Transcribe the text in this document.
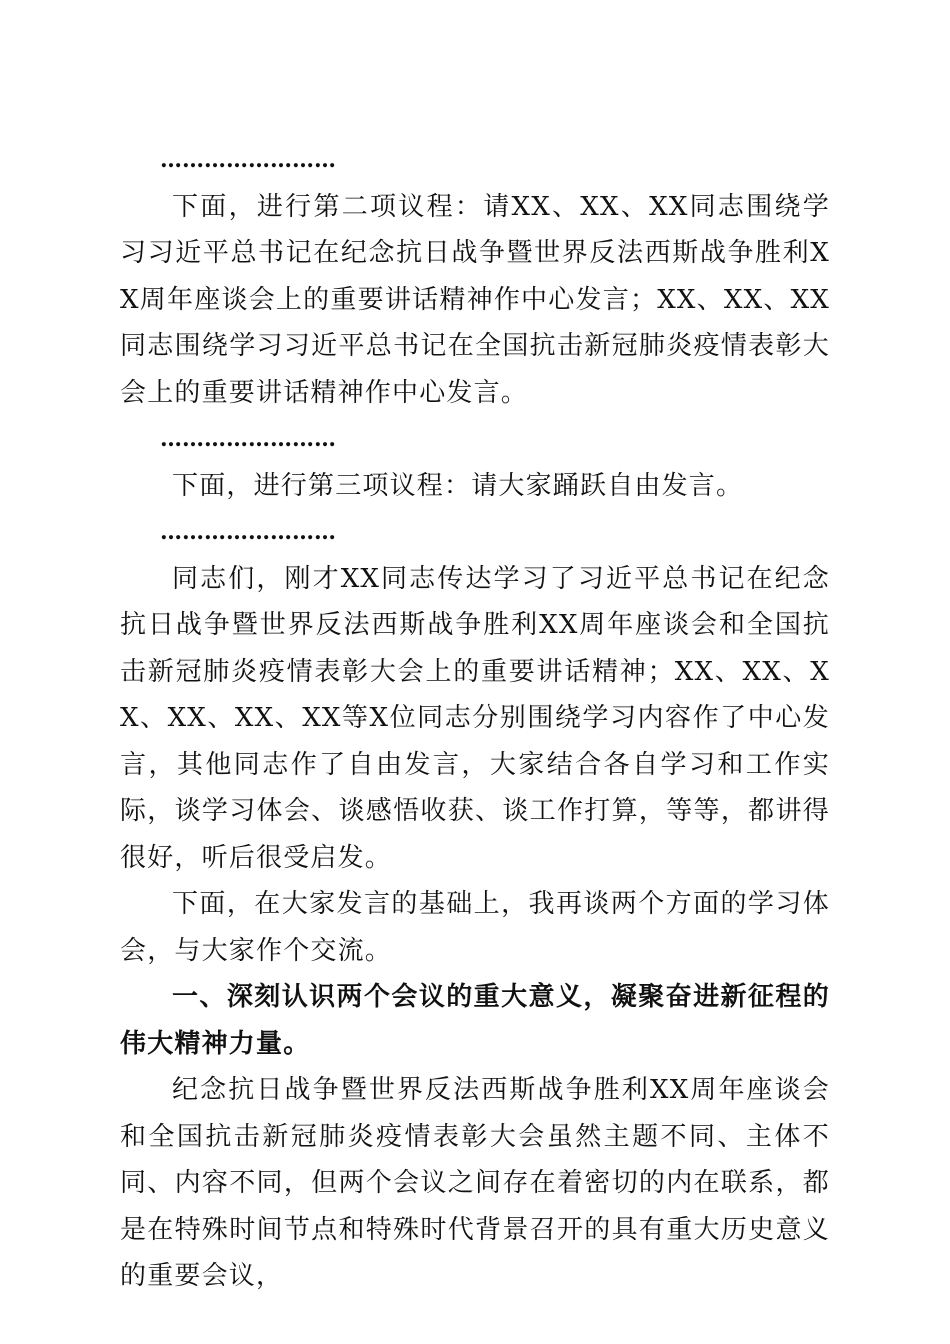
……………………

下面，进行第二项议程：请XX、XX、XX同志围绕学习习近平总书记在纪念抗日战争暨世界反法西斯战争胜利XX周年座谈会上的重要讲话精神作中心发言；XX、XX、XX同志围绕学习习近平总书记在全国抗击新冠肺炎疫情表彰大会上的重要讲话精神作中心发言。

……………………

下面，进行第三项议程：请大家踊跃自由发言。

……………………

同志们，刚才XX同志传达学习了习近平总书记在纪念抗日战争暨世界反法西斯战争胜利XX周年座谈会和全国抗击新冠肺炎疫情表彰大会上的重要讲话精神；XX、XX、XX、XX、XX、XX等X位同志分别围绕学习内容作了中心发言，其他同志作了自由发言，大家结合各自学习和工作实际，谈学习体会、谈感悟收获、谈工作打算，等等，都讲得很好，听后很受启发。

下面，在大家发言的基础上，我再谈两个方面的学习体会，与大家作个交流。

一、深刻认识两个会议的重大意义，凝聚奋进新征程的伟大精神力量。

纪念抗日战争暨世界反法西斯战争胜利XX周年座谈会和全国抗击新冠肺炎疫情表彰大会虽然主题不同、主体不同、内容不同，但两个会议之间存在着密切的内在联系，都是在特殊时间节点和特殊时代背景召开的具有重大历史意义的重要会议，
